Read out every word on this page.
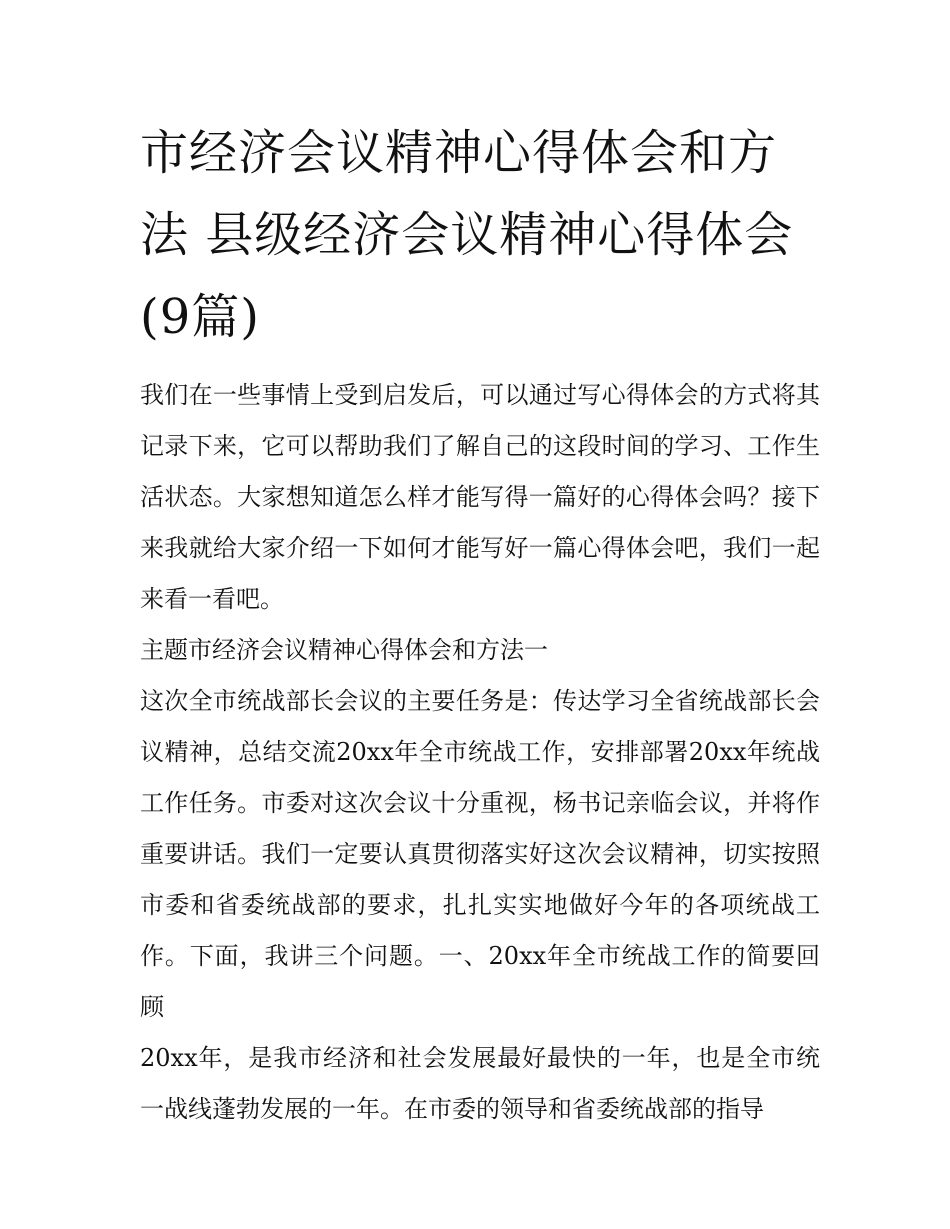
市经济会议精神心得体会和方法 县级经济会议精神心得体会(9篇)

我们在一些事情上受到启发后，可以通过写心得体会的方式将其记录下来，它可以帮助我们了解自己的这段时间的学习、工作生活状态。大家想知道怎么样才能写得一篇好的心得体会吗？接下来我就给大家介绍一下如何才能写好一篇心得体会吧，我们一起来看一看吧。

主题市经济会议精神心得体会和方法一

这次全市统战部长会议的主要任务是：传达学习全省统战部长会议精神，总结交流20xx年全市统战工作，安排部署20xx年统战工作任务。市委对这次会议十分重视，杨书记亲临会议，并将作重要讲话。我们一定要认真贯彻落实好这次会议精神，切实按照市委和省委统战部的要求，扎扎实实地做好今年的各项统战工作。下面，我讲三个问题。一、20xx年全市统战工作的简要回顾

20xx年，是我市经济和社会发展最好最快的一年，也是全市统一战线蓬勃发展的一年。在市委的领导和省委统战部的指导
